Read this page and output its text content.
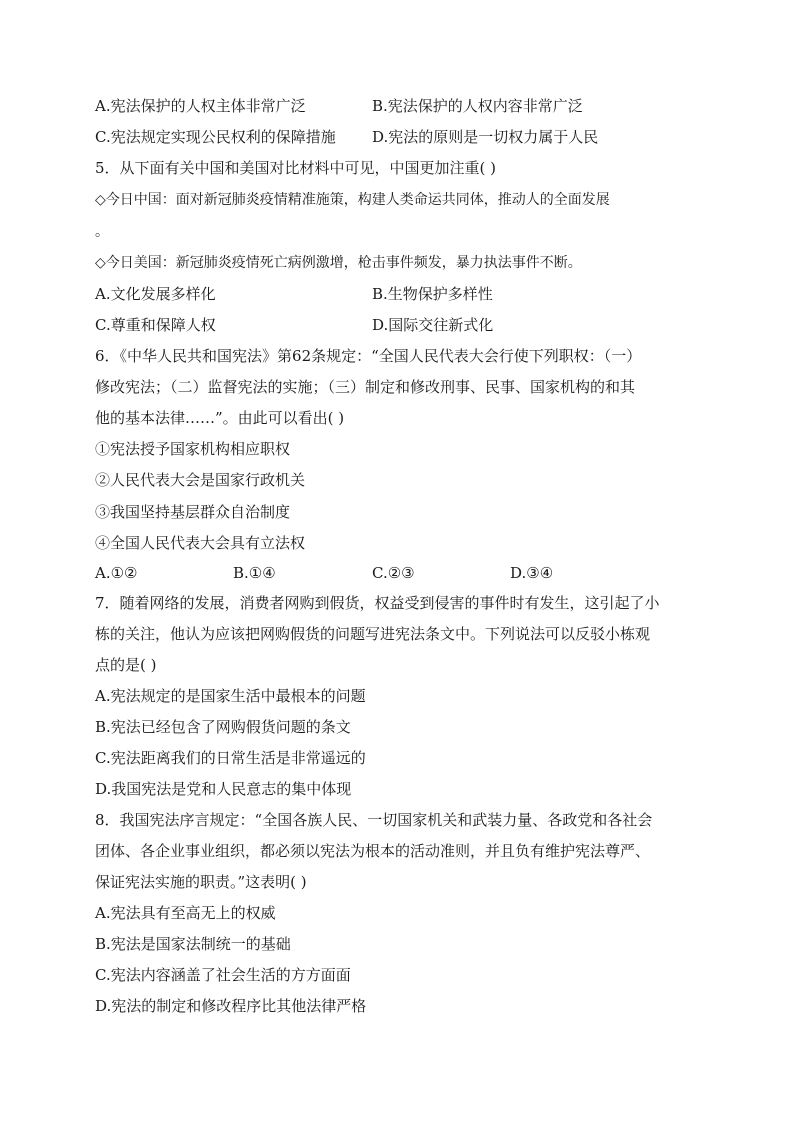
A.宪法保护的人权主体非常广泛	B.宪法保护的人权内容非常广泛
C.宪法规定实现公民权利的保障措施 D.宪法的原则是一切权力属于人民
5．从下面有关中国和美国对比材料中可见，中国更加注重( )
◇今日中国：面对新冠肺炎疫情精准施策，构建人类命运共同体，推动人的全面发展
。
◇今日美国：新冠肺炎疫情死亡病例激增，枪击事件频发，暴力执法事件不断。
A.文化发展多样化	B.生物保护多样性
C.尊重和保障人权	D.国际交往新式化
6．《中华人民共和国宪法》第62条规定：“全国人民代表大会行使下列职权：（一）
修改宪法；（二）监督宪法的实施；（三）制定和修改刑事、民事、国家机构的和其
他的基本法律……”。由此可以看出( )
①宪法授予国家机构相应职权
②人民代表大会是国家行政机关
③我国坚持基层群众自治制度
④全国人民代表大会具有立法权
A.①②	B.①④	C.②③	D.③④
7．随着网络的发展，消费者网购到假货，权益受到侵害的事件时有发生，这引起了小
栋的关注，他认为应该把网购假货的问题写进宪法条文中。下列说法可以反驳小栋观
点的是( )
A.宪法规定的是国家生活中最根本的问题
B.宪法已经包含了网购假货问题的条文
C.宪法距离我们的日常生活是非常遥远的
D.我国宪法是党和人民意志的集中体现
8．我国宪法序言规定：“全国各族人民、一切国家机关和武装力量、各政党和各社会
团体、各企业事业组织，都必须以宪法为根本的活动准则，并且负有维护宪法尊严、
保证宪法实施的职责。”这表明( )
A.宪法具有至高无上的权威
B.宪法是国家法制统一的基础
C.宪法内容涵盖了社会生活的方方面面
D.宪法的制定和修改程序比其他法律严格
